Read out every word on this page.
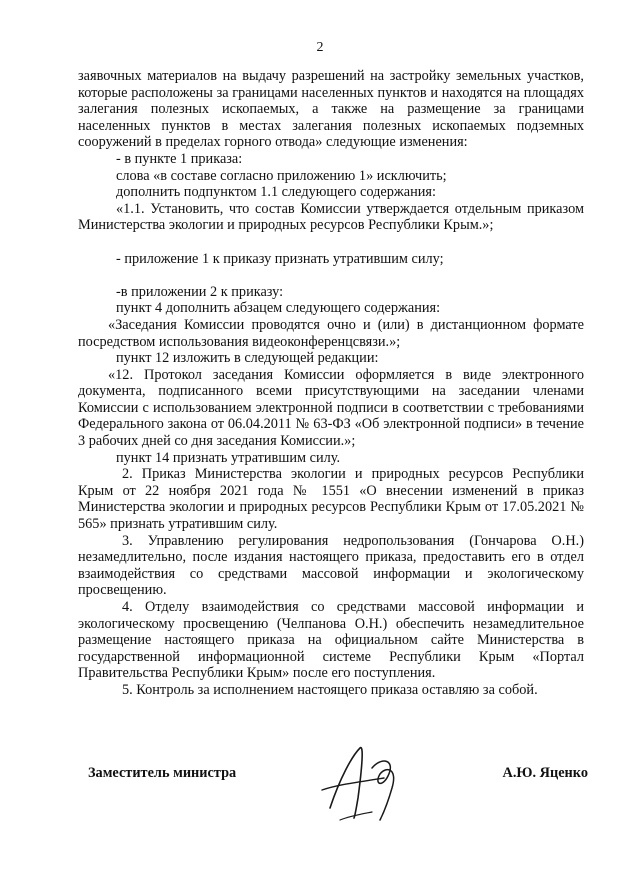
2

заявочных материалов на выдачу разрешений на застройку земельных участков, которые расположены за границами населенных пунктов и находятся на площадях залегания полезных ископаемых, а также на размещение за границами населенных пунктов в местах залегания полезных ископаемых подземных сооружений в пределах горного отвода» следующие изменения:

- в пункте 1 приказа:

слова «в составе согласно приложению 1» исключить;

дополнить подпунктом 1.1 следующего содержания:

«1.1. Установить, что состав Комиссии утверждается отдельным приказом Министерства экологии и природных ресурсов Республики Крым.»;

- приложение 1 к приказу признать утратившим силу;

-в приложении 2 к приказу:

пункт 4 дополнить абзацем следующего содержания:

«Заседания Комиссии проводятся очно и (или) в дистанционном формате посредством использования видеоконференцсвязи.»;

пункт 12 изложить в следующей редакции:

«12. Протокол заседания Комиссии оформляется в виде электронного документа, подписанного всеми присутствующими на заседании членами Комиссии с использованием электронной подписи в соответствии с требованиями Федерального закона от 06.04.2011 № 63-ФЗ «Об электронной подписи» в течение 3 рабочих дней со дня заседания Комиссии.»;

пункт 14 признать утратившим силу.

2. Приказ Министерства экологии и природных ресурсов Республики Крым от 22 ноября 2021 года № 1551 «О внесении изменений в приказ Министерства экологии и природных ресурсов Республики Крым от 17.05.2021 № 565» признать утратившим силу.

3. Управлению регулирования недропользования (Гончарова О.Н.) незамедлительно, после издания настоящего приказа, предоставить его в отдел взаимодействия со средствами массовой информации и экологическому просвещению.

4. Отделу взаимодействия со средствами массовой информации и экологическому просвещению (Челпанова О.Н.) обеспечить незамедлительное размещение настоящего приказа на официальном сайте Министерства в государственной информационной системе Республики Крым «Портал Правительства Республики Крым» после его поступления.

5. Контроль за исполнением настоящего приказа оставляю за собой.

Заместитель министра	А.Ю. Яценко
